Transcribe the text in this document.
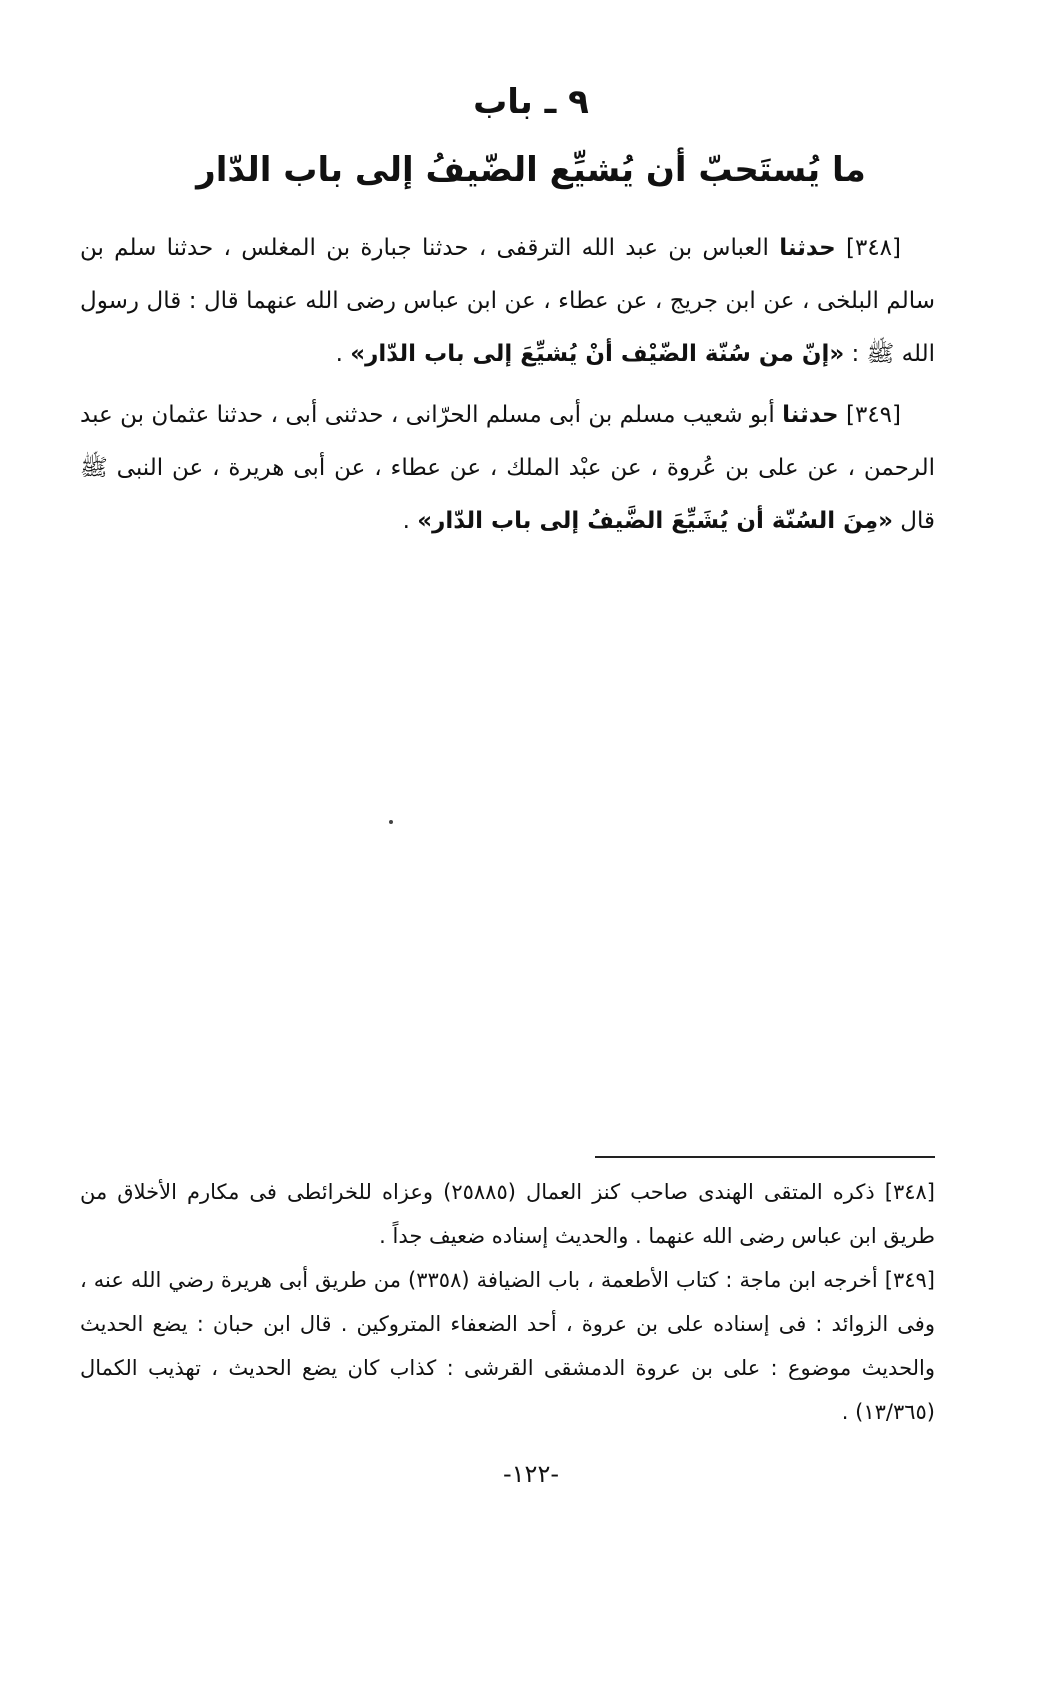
٩ ـ باب
ما يُستَحبّ أن يُشيِّع الضّيفُ إلى باب الدّار

[٣٤٨] حدثنا العباس بن عبد الله الترقفى ، حدثنا جبارة بن المغلس ، حدثنا سلم بن سالم البلخى ، عن ابن جريج ، عن عطاء ، عن ابن عباس رضى الله عنهما قال : قال رسول الله ﷺ : «إنّ من سُنّة الضّيْف أنْ يُشيِّعَ إلى باب الدّار» .

[٣٤٩] حدثنا أبو شعيب مسلم بن أبى مسلم الحرّانى ، حدثنى أبى ، حدثنا عثمان بن عبد الرحمن ، عن على بن عُروة ، عن عبْد الملك ، عن عطاء ، عن أبى هريرة ، عن النبى ﷺ قال «مِنَ السُنّة أن يُشَيِّعَ الضَّيفُ إلى باب الدّار» .

[٣٤٨] ذكره المتقى الهندى صاحب كنز العمال (٢٥٨٨٥) وعزاه للخرائطى فى مكارم الأخلاق من طريق ابن عباس رضى الله عنهما . والحديث إسناده ضعيف جداً .

[٣٤٩] أخرجه ابن ماجة : كتاب الأطعمة ، باب الضيافة (٣٣٥٨) من طريق أبى هريرة رضي الله عنه ، وفى الزوائد : فى إسناده على بن عروة ، أحد الضعفاء المتروكين . قال ابن حبان : يضع الحديث والحديث موضوع : على بن عروة الدمشقى القرشى : كذاب كان يضع الحديث ، تهذيب الكمال (١٣/٣٦٥) .

-١٢٢-
